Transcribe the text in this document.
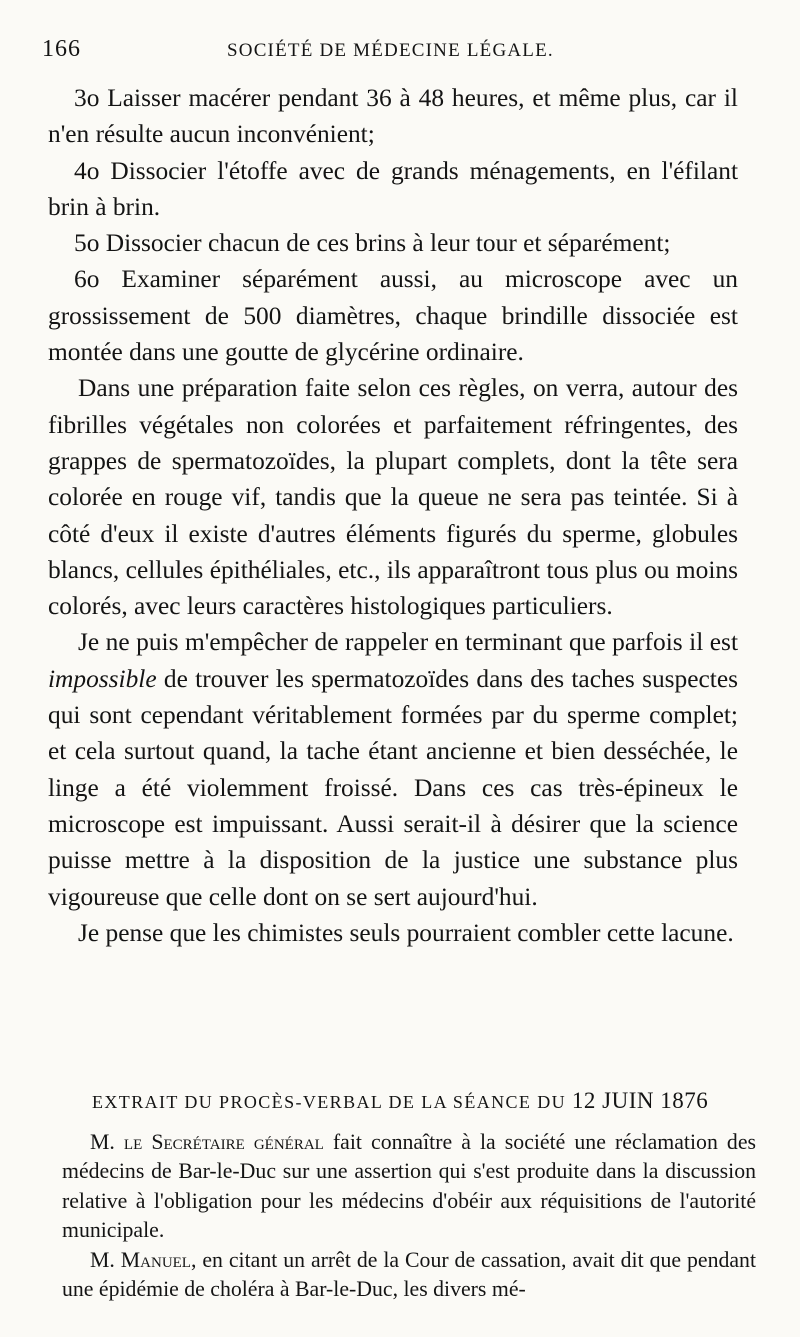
166	SOCIÉTÉ DE MÉDECINE LÉGALE.

3o Laisser macérer pendant 36 à 48 heures, et même plus, car il n'en résulte aucun inconvénient;

4o Dissocier l'étoffe avec de grands ménagements, en l'éfilant brin à brin.

5o Dissocier chacun de ces brins à leur tour et séparément;

6o Examiner séparément aussi, au microscope avec un grossissement de 500 diamètres, chaque brindille dissociée est montée dans une goutte de glycérine ordinaire.

Dans une préparation faite selon ces règles, on verra, autour des fibrilles végétales non colorées et parfaitement réfringentes, des grappes de spermatozoïdes, la plupart complets, dont la tête sera colorée en rouge vif, tandis que la queue ne sera pas teintée. Si à côté d'eux il existe d'autres éléments figurés du sperme, globules blancs, cellules épithéliales, etc., ils apparaîtront tous plus ou moins colorés, avec leurs caractères histologiques particuliers.

Je ne puis m'empêcher de rappeler en terminant que parfois il est impossible de trouver les spermatozoïdes dans des taches suspectes qui sont cependant véritablement formées par du sperme complet; et cela surtout quand, la tache étant ancienne et bien desséchée, le linge a été violemment froissé. Dans ces cas très-épineux le microscope est impuissant. Aussi serait-il à désirer que la science puisse mettre à la disposition de la justice une substance plus vigoureuse que celle dont on se sert aujourd'hui.

Je pense que les chimistes seuls pourraient combler cette lacune.

EXTRAIT DU PROCÈS-VERBAL DE LA SÉANCE DU 12 JUIN 1876

M. le Secrétaire général fait connaître à la société une réclamation des médecins de Bar-le-Duc sur une assertion qui s'est produite dans la discussion relative à l'obligation pour les médecins d'obéir aux réquisitions de l'autorité municipale.

M. Manuel, en citant un arrêt de la Cour de cassation, avait dit que pendant une épidémie de choléra à Bar-le-Duc, les divers mé-
